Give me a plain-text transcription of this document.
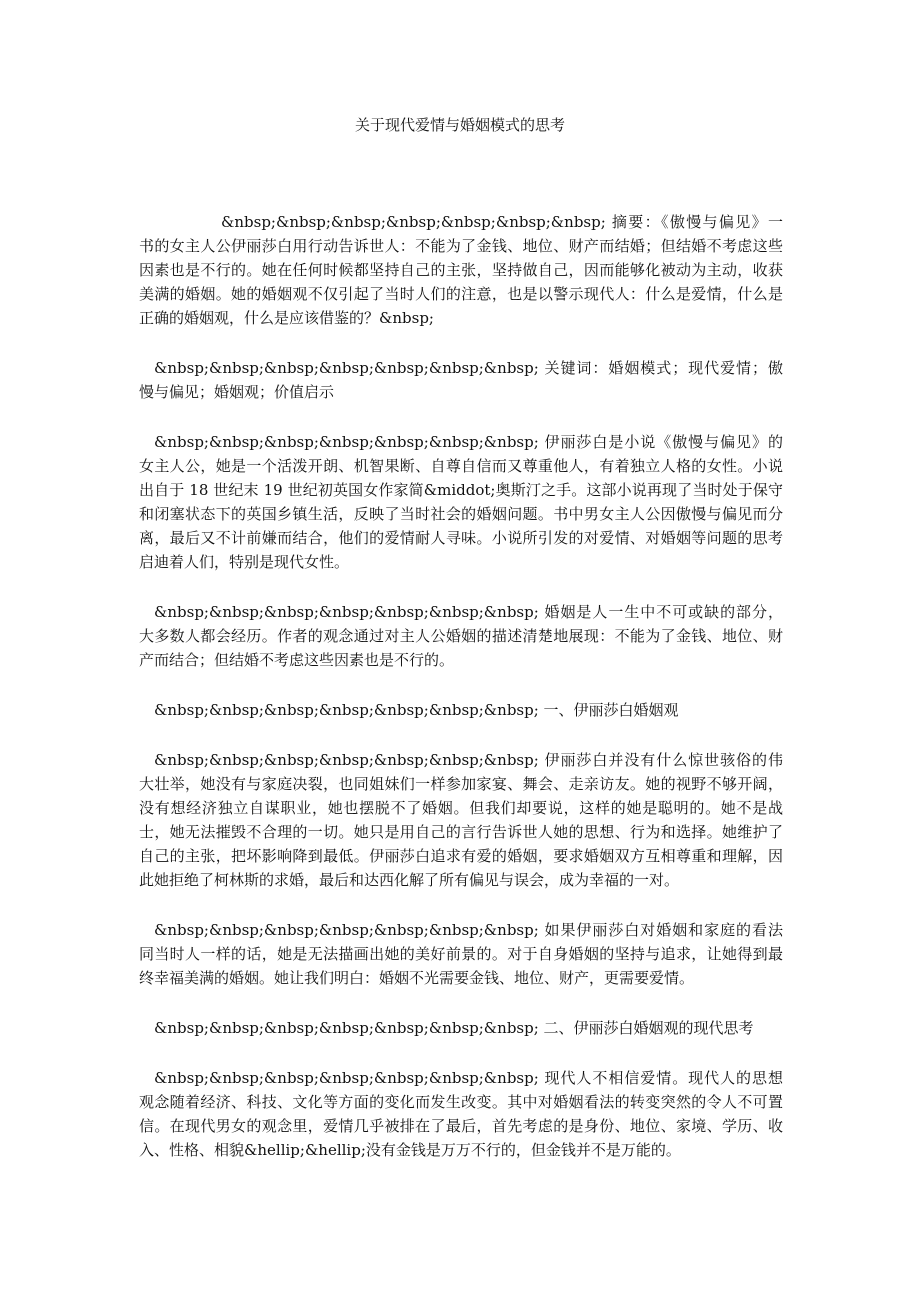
关于现代爱情与婚姻模式的思考

&nbsp;&nbsp;&nbsp;&nbsp;&nbsp;&nbsp;&nbsp; 摘要：《傲慢与偏见》一书的女主人公伊丽莎白用行动告诉世人：不能为了金钱、地位、财产而结婚；但结婚不考虑这些因素也是不行的。她在任何时候都坚持自己的主张，坚持做自己，因而能够化被动为主动，收获美满的婚姻。她的婚姻观不仅引起了当时人们的注意，也是以警示现代人：什么是爱情，什么是正确的婚姻观，什么是应该借鉴的？&nbsp;

&nbsp;&nbsp;&nbsp;&nbsp;&nbsp;&nbsp;&nbsp; 关键词：婚姻模式；现代爱情；傲慢与偏见；婚姻观；价值启示

&nbsp;&nbsp;&nbsp;&nbsp;&nbsp;&nbsp;&nbsp; 伊丽莎白是小说《傲慢与偏见》的女主人公，她是一个活泼开朗、机智果断、自尊自信而又尊重他人，有着独立人格的女性。小说出自于 18 世纪末 19 世纪初英国女作家简&middot;奥斯汀之手。这部小说再现了当时处于保守和闭塞状态下的英国乡镇生活，反映了当时社会的婚姻问题。书中男女主人公因傲慢与偏见而分离，最后又不计前嫌而结合，他们的爱情耐人寻味。小说所引发的对爱情、对婚姻等问题的思考启迪着人们，特别是现代女性。

&nbsp;&nbsp;&nbsp;&nbsp;&nbsp;&nbsp;&nbsp; 婚姻是人一生中不可或缺的部分，大多数人都会经历。作者的观念通过对主人公婚姻的描述清楚地展现：不能为了金钱、地位、财产而结合；但结婚不考虑这些因素也是不行的。

&nbsp;&nbsp;&nbsp;&nbsp;&nbsp;&nbsp;&nbsp; 一、伊丽莎白婚姻观

&nbsp;&nbsp;&nbsp;&nbsp;&nbsp;&nbsp;&nbsp; 伊丽莎白并没有什么惊世骇俗的伟大壮举，她没有与家庭决裂，也同姐妹们一样参加家宴、舞会、走亲访友。她的视野不够开阔，没有想经济独立自谋职业，她也摆脱不了婚姻。但我们却要说，这样的她是聪明的。她不是战士，她无法摧毁不合理的一切。她只是用自己的言行告诉世人她的思想、行为和选择。她维护了自己的主张，把坏影响降到最低。伊丽莎白追求有爱的婚姻，要求婚姻双方互相尊重和理解，因此她拒绝了柯林斯的求婚，最后和达西化解了所有偏见与误会，成为幸福的一对。

&nbsp;&nbsp;&nbsp;&nbsp;&nbsp;&nbsp;&nbsp; 如果伊丽莎白对婚姻和家庭的看法同当时人一样的话，她是无法描画出她的美好前景的。对于自身婚姻的坚持与追求，让她得到最终幸福美满的婚姻。她让我们明白：婚姻不光需要金钱、地位、财产，更需要爱情。

&nbsp;&nbsp;&nbsp;&nbsp;&nbsp;&nbsp;&nbsp; 二、伊丽莎白婚姻观的现代思考

&nbsp;&nbsp;&nbsp;&nbsp;&nbsp;&nbsp;&nbsp; 现代人不相信爱情。现代人的思想观念随着经济、科技、文化等方面的变化而发生改变。其中对婚姻看法的转变突然的令人不可置信。在现代男女的观念里，爱情几乎被排在了最后，首先考虑的是身份、地位、家境、学历、收入、性格、相貌&hellip;&hellip;没有金钱是万万不行的，但金钱并不是万能的。
